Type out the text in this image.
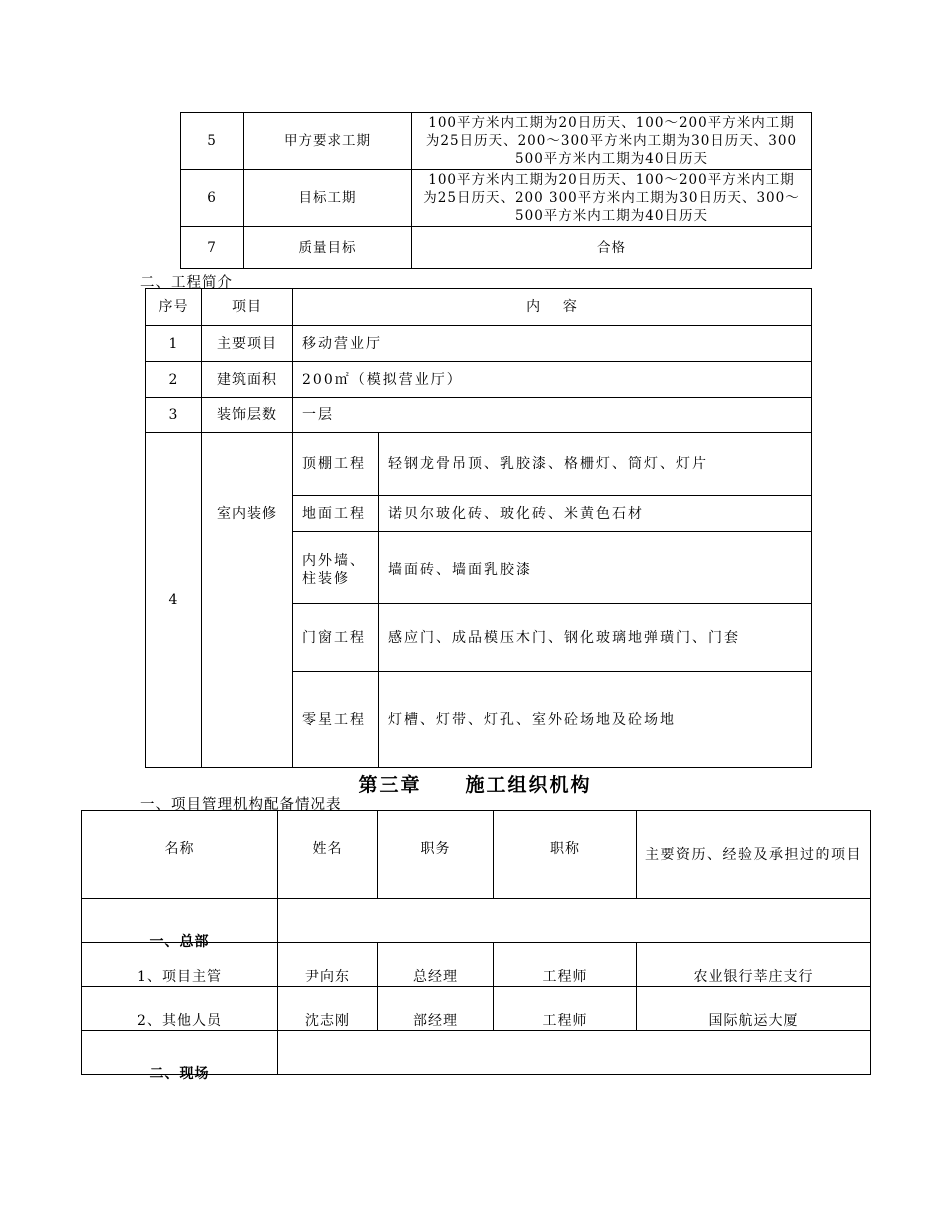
5	甲方要求工期	100平方米内工期为20日历天、100～200平方米内工期为25日历天、200～300平方米内工期为30日历天、300 500平方米内工期为40日历天
6	目标工期	100平方米内工期为20日历天、100～200平方米内工期为25日历天、200 300平方米内工期为30日历天、300～500平方米内工期为40日历天
7	质量目标	合格
二、工程简介
序号	项目	内    容	
1	主要项目	移动营业厅	
2	建筑面积	200㎡（模拟营业厅）	
3	装饰层数	一层	
4	室内装修	顶棚工程	轻钢龙骨吊顶、乳胶漆、格栅灯、筒灯、灯片
		地面工程	诺贝尔玻化砖、玻化砖、米黄色石材
		内外墙、柱装修	墙面砖、墙面乳胶漆
		门窗工程	感应门、成品模压木门、钢化玻璃地弹璜门、门套
		零星工程	灯槽、灯带、灯孔、室外砼场地及砼场地
第三章 施工组织机构
一、项目管理机构配备情况表
名称	姓名	职务	职称	主要资历、经验及承担过的项目
一、总部				
1、项目主管	尹向东	总经理	工程师	农业银行莘庄支行
2、其他人员	沈志刚	部经理	工程师	国际航运大厦
二、现场				
